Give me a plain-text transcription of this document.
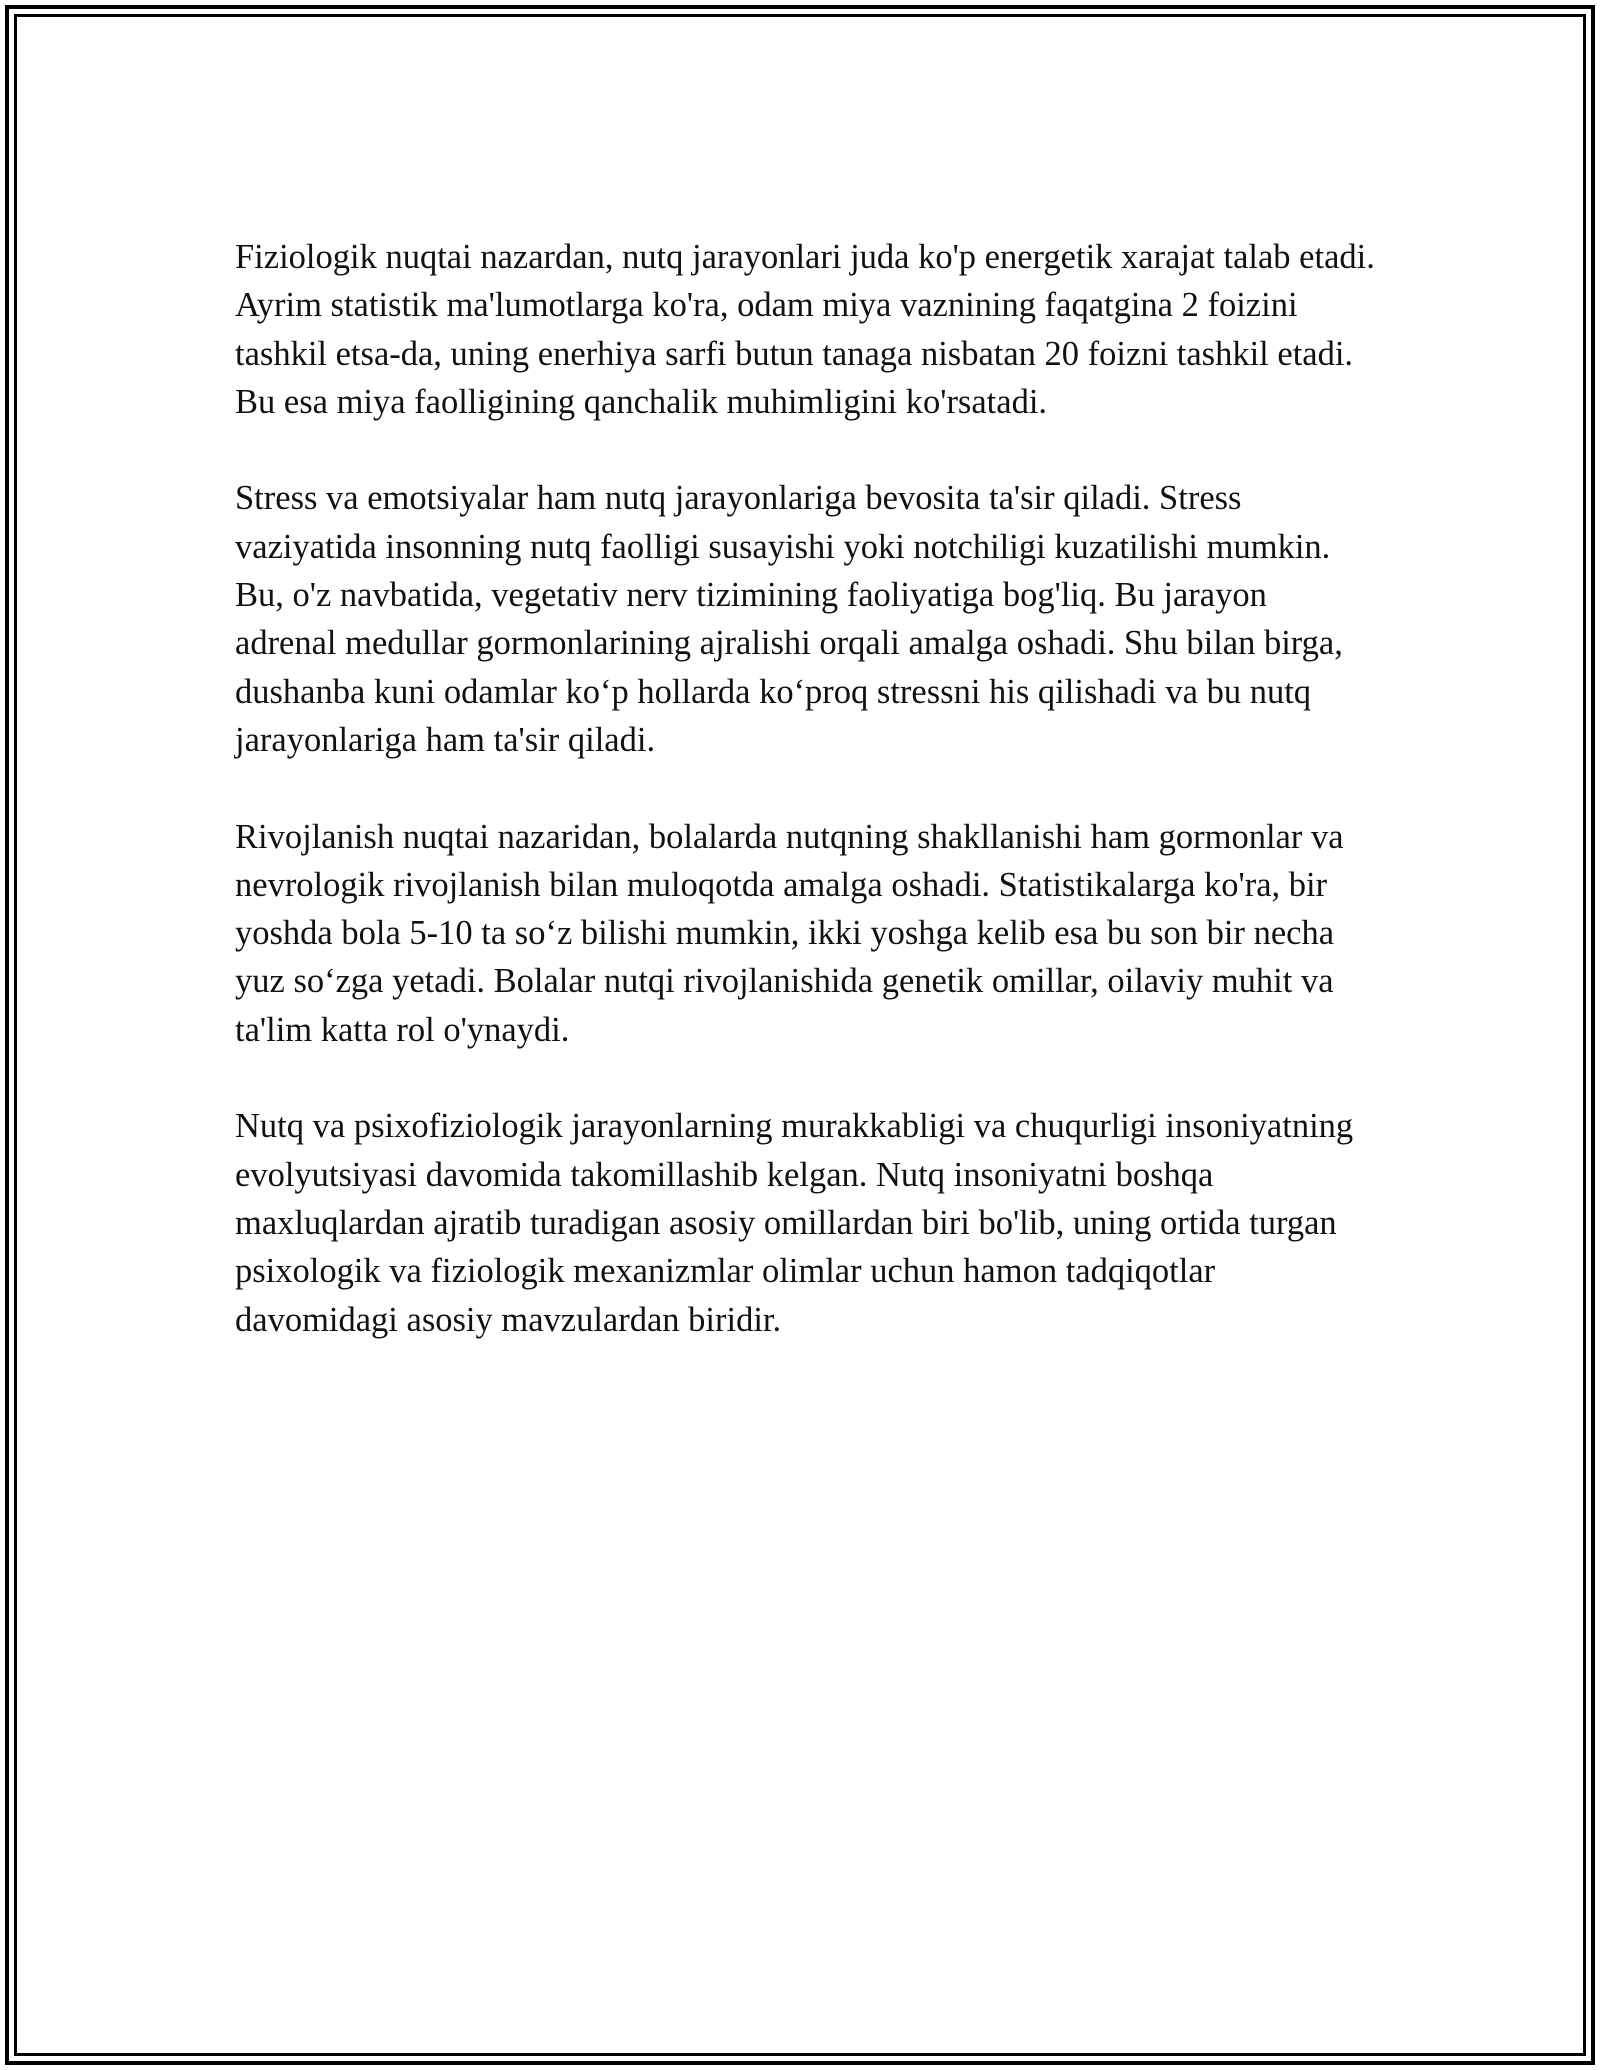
Fiziologik nuqtai nazardan, nutq jarayonlari juda ko'p energetik xarajat talab etadi. Ayrim statistik ma'lumotlarga ko'ra, odam miya vaznining faqatgina 2 foizini tashkil etsa-da, uning enerhiya sarfi butun tanaga nisbatan 20 foizni tashkil etadi. Bu esa miya faolligining qanchalik muhimligini ko'rsatadi.

Stress va emotsiyalar ham nutq jarayonlariga bevosita ta'sir qiladi. Stress vaziyatida insonning nutq faolligi susayishi yoki notchiligi kuzatilishi mumkin. Bu, o'z navbatida, vegetativ nerv tizimining faoliyatiga bog'liq. Bu jarayon adrenal medullar gormonlarining ajralishi orqali amalga oshadi. Shu bilan birga, dushanba kuni odamlar ko‘p hollarda ko‘proq stressni his qilishadi va bu nutq jarayonlariga ham ta'sir qiladi.

Rivojlanish nuqtai nazaridan, bolalarda nutqning shakllanishi ham gormonlar va nevrologik rivojlanish bilan muloqotda amalga oshadi. Statistikalarga ko'ra, bir yoshda bola 5-10 ta so‘z bilishi mumkin, ikki yoshga kelib esa bu son bir necha yuz so‘zga yetadi. Bolalar nutqi rivojlanishida genetik omillar, oilaviy muhit va ta'lim katta rol o'ynaydi.

Nutq va psixofiziologik jarayonlarning murakkabligi va chuqurligi insoniyatning evolyutsiyasi davomida takomillashib kelgan. Nutq insoniyatni boshqa maxluqlardan ajratib turadigan asosiy omillardan biri bo'lib, uning ortida turgan psixologik va fiziologik mexanizmlar olimlar uchun hamon tadqiqotlar davomidagi asosiy mavzulardan biridir.
